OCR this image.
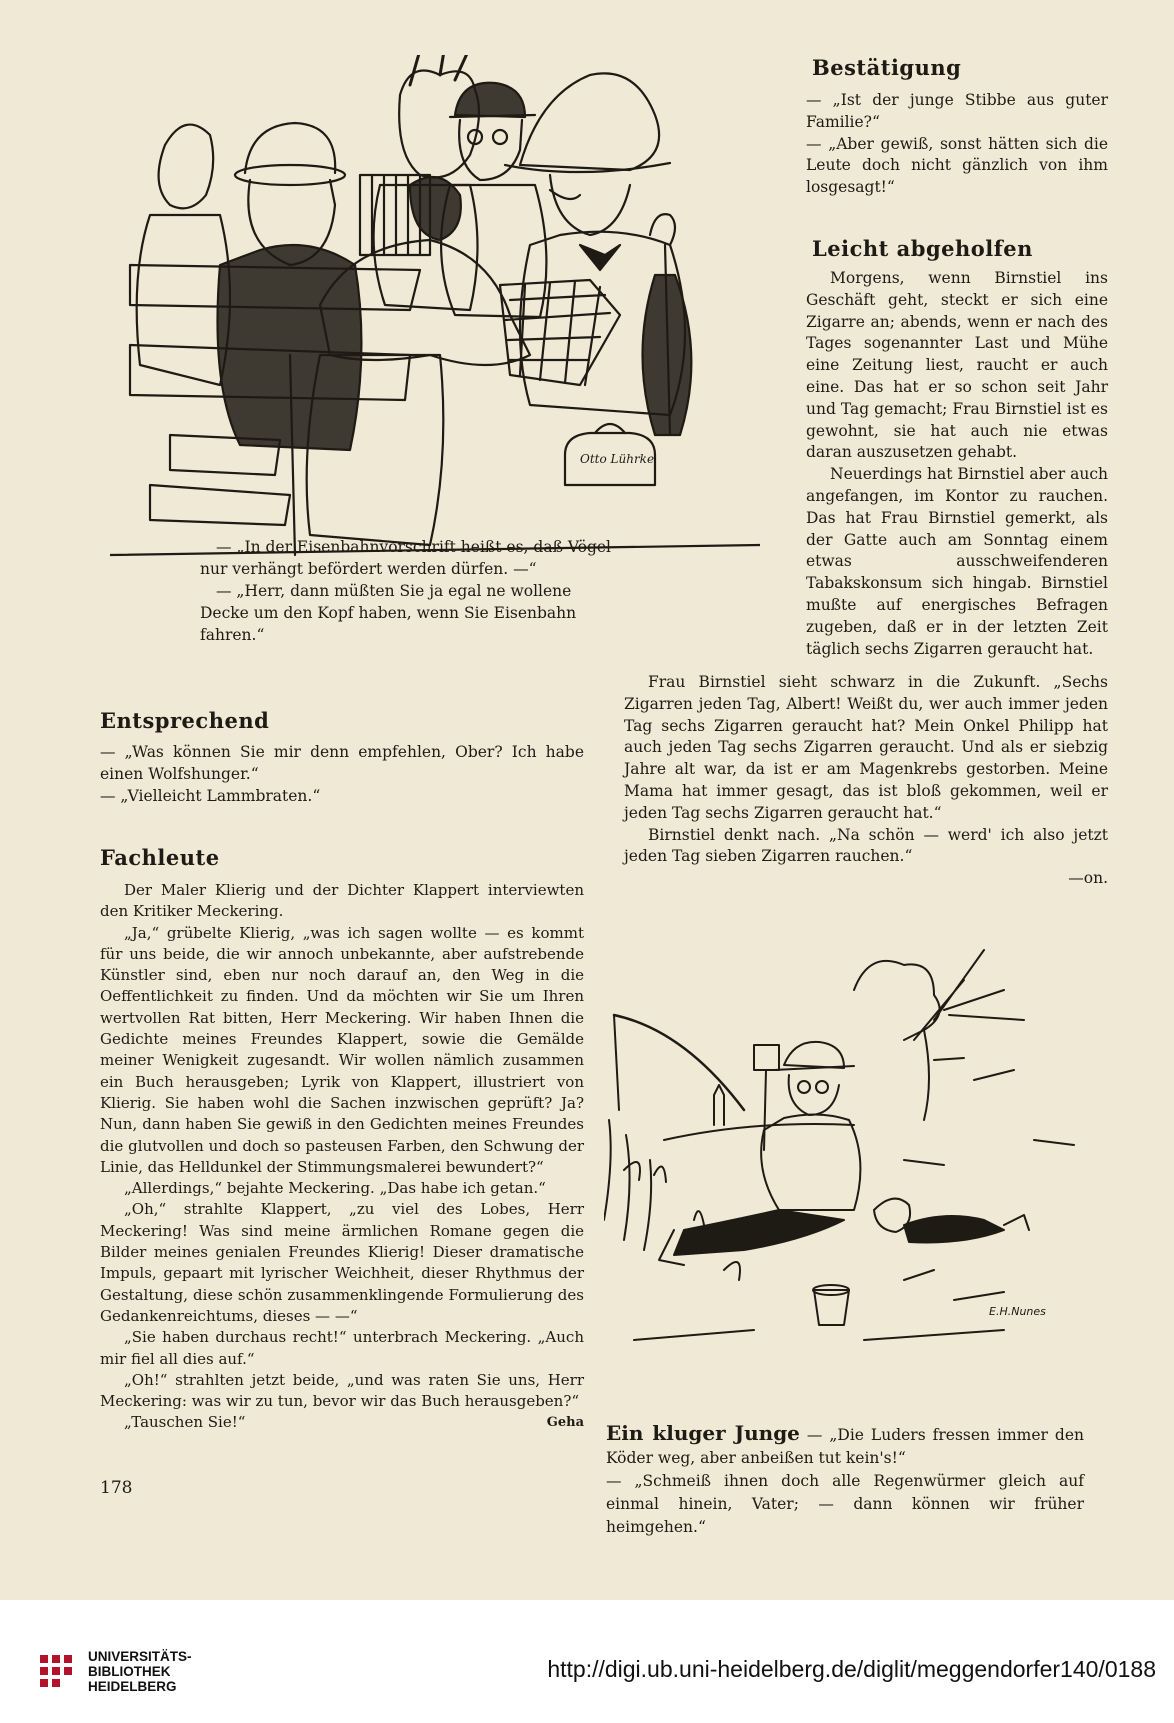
Otto Lührke

— „In der Eisenbahnvorschrift heißt es, daß Vögel nur verhängt befördert werden dürfen. —“

— „Herr, dann müßten Sie ja egal ne wollene Decke um den Kopf haben, wenn Sie Eisenbahn fahren.“

Bestätigung

— „Ist der junge Stibbe aus guter Familie?“

— „Aber gewiß, sonst hätten sich die Leute doch nicht gänzlich von ihm losgesagt!“

Leicht abgeholfen

Morgens, wenn Birnstiel ins Geschäft geht, steckt er sich eine Zigarre an; abends, wenn er nach des Tages sogenannter Last und Mühe eine Zeitung liest, raucht er auch eine. Das hat er so schon seit Jahr und Tag gemacht; Frau Birnstiel ist es gewohnt, sie hat auch nie etwas daran auszusetzen gehabt.

Neuerdings hat Birnstiel aber auch angefangen, im Kontor zu rauchen. Das hat Frau Birnstiel gemerkt, als der Gatte auch am Sonntag einem etwas ausschweifenderen Tabakskonsum sich hingab. Birnstiel mußte auf energisches Befragen zugeben, daß er in der letzten Zeit täglich sechs Zigarren geraucht hat.

Frau Birnstiel sieht schwarz in die Zukunft. „Sechs Zigarren jeden Tag, Albert! Weißt du, wer auch immer jeden Tag sechs Zigarren geraucht hat? Mein Onkel Philipp hat auch jeden Tag sechs Zigarren geraucht. Und als er siebzig Jahre alt war, da ist er am Magenkrebs gestorben. Meine Mama hat immer gesagt, das ist bloß gekommen, weil er jeden Tag sechs Zigarren geraucht hat.“

Birnstiel denkt nach. „Na schön — werd' ich also jetzt jeden Tag sieben Zigarren rauchen.“

—on.

Entsprechend

— „Was können Sie mir denn empfehlen, Ober? Ich habe einen Wolfshunger.“

— „Vielleicht Lammbraten.“

Fachleute

Der Maler Klierig und der Dichter Klappert interviewten den Kritiker Meckering.

„Ja,“ grübelte Klierig, „was ich sagen wollte — es kommt für uns beide, die wir annoch unbekannte, aber aufstrebende Künstler sind, eben nur noch darauf an, den Weg in die Oeffentlichkeit zu finden. Und da möchten wir Sie um Ihren wertvollen Rat bitten, Herr Meckering. Wir haben Ihnen die Gedichte meines Freundes Klappert, sowie die Gemälde meiner Wenigkeit zugesandt. Wir wollen nämlich zusammen ein Buch herausgeben; Lyrik von Klappert, illustriert von Klierig. Sie haben wohl die Sachen inzwischen geprüft? Ja? Nun, dann haben Sie gewiß in den Gedichten meines Freundes die glutvollen und doch so pasteusen Farben, den Schwung der Linie, das Helldunkel der Stimmungsmalerei bewundert?“

„Allerdings,“ bejahte Meckering. „Das habe ich getan.“

„Oh,“ strahlte Klappert, „zu viel des Lobes, Herr Meckering! Was sind meine ärmlichen Romane gegen die Bilder meines genialen Freundes Klierig! Dieser dramatische Impuls, gepaart mit lyrischer Weichheit, dieser Rhythmus der Gestaltung, diese schön zusammenklingende Formulierung des Gedankenreichtums, dieses — —“

„Sie haben durchaus recht!“ unterbrach Meckering. „Auch mir fiel all dies auf.“

„Oh!“ strahlten jetzt beide, „und was raten Sie uns, Herr Meckering: was wir zu tun, bevor wir das Buch herausgeben?“

„Tauschen Sie!“	Geha

E.H.Nunes

Ein kluger Junge — „Die Luders fressen immer den Köder weg, aber anbeißen tut kein's!“

— „Schmeiß ihnen doch alle Regenwürmer gleich auf einmal hinein, Vater; — dann können wir früher heimgehen.“

178
UNIVERSITÄTS-
BIBLIOTHEK
HEIDELBERG
http://digi.ub.uni-heidelberg.de/diglit/meggendorfer140/0188
